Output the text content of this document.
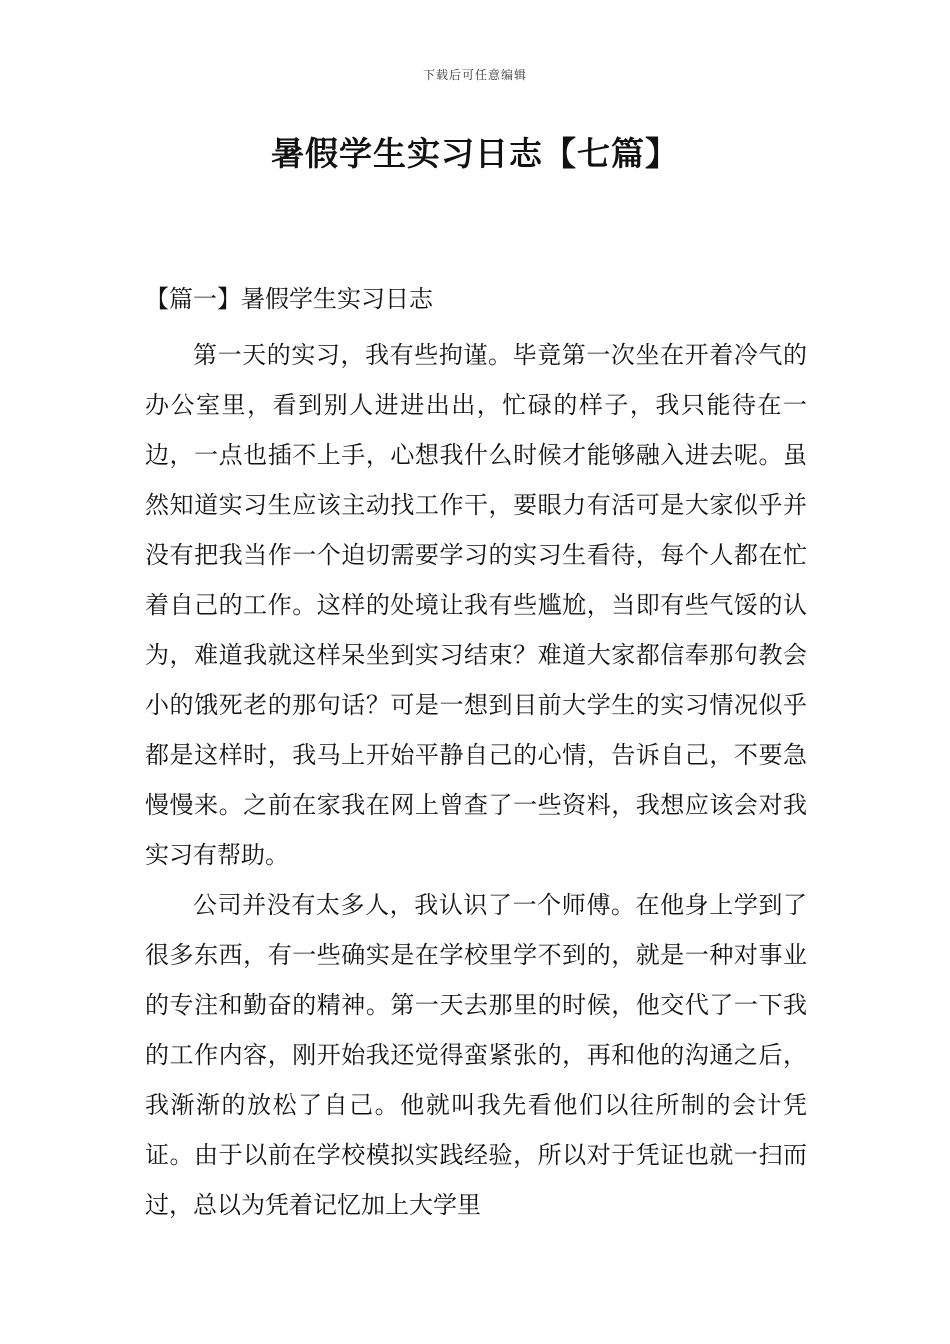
下载后可任意编辑
暑假学生实习日志【七篇】
【篇一】暑假学生实习日志

第一天的实习，我有些拘谨。毕竟第一次坐在开着冷气的办公室里，看到别人进进出出，忙碌的样子，我只能待在一边，一点也插不上手，心想我什么时候才能够融入进去呢。虽然知道实习生应该主动找工作干，要眼力有活可是大家似乎并没有把我当作一个迫切需要学习的实习生看待，每个人都在忙着自己的工作。这样的处境让我有些尴尬，当即有些气馁的认为，难道我就这样呆坐到实习结束？难道大家都信奉那句教会小的饿死老的那句话？可是一想到目前大学生的实习情况似乎都是这样时，我马上开始平静自己的心情，告诉自己，不要急慢慢来。之前在家我在网上曾查了一些资料，我想应该会对我实习有帮助。

公司并没有太多人，我认识了一个师傅。在他身上学到了很多东西，有一些确实是在学校里学不到的，就是一种对事业的专注和勤奋的精神。第一天去那里的时候，他交代了一下我的工作内容，刚开始我还觉得蛮紧张的，再和他的沟通之后，我渐渐的放松了自己。他就叫我先看他们以往所制的会计凭证。由于以前在学校模拟实践经验，所以对于凭证也就一扫而过，总以为凭着记忆加上大学里
